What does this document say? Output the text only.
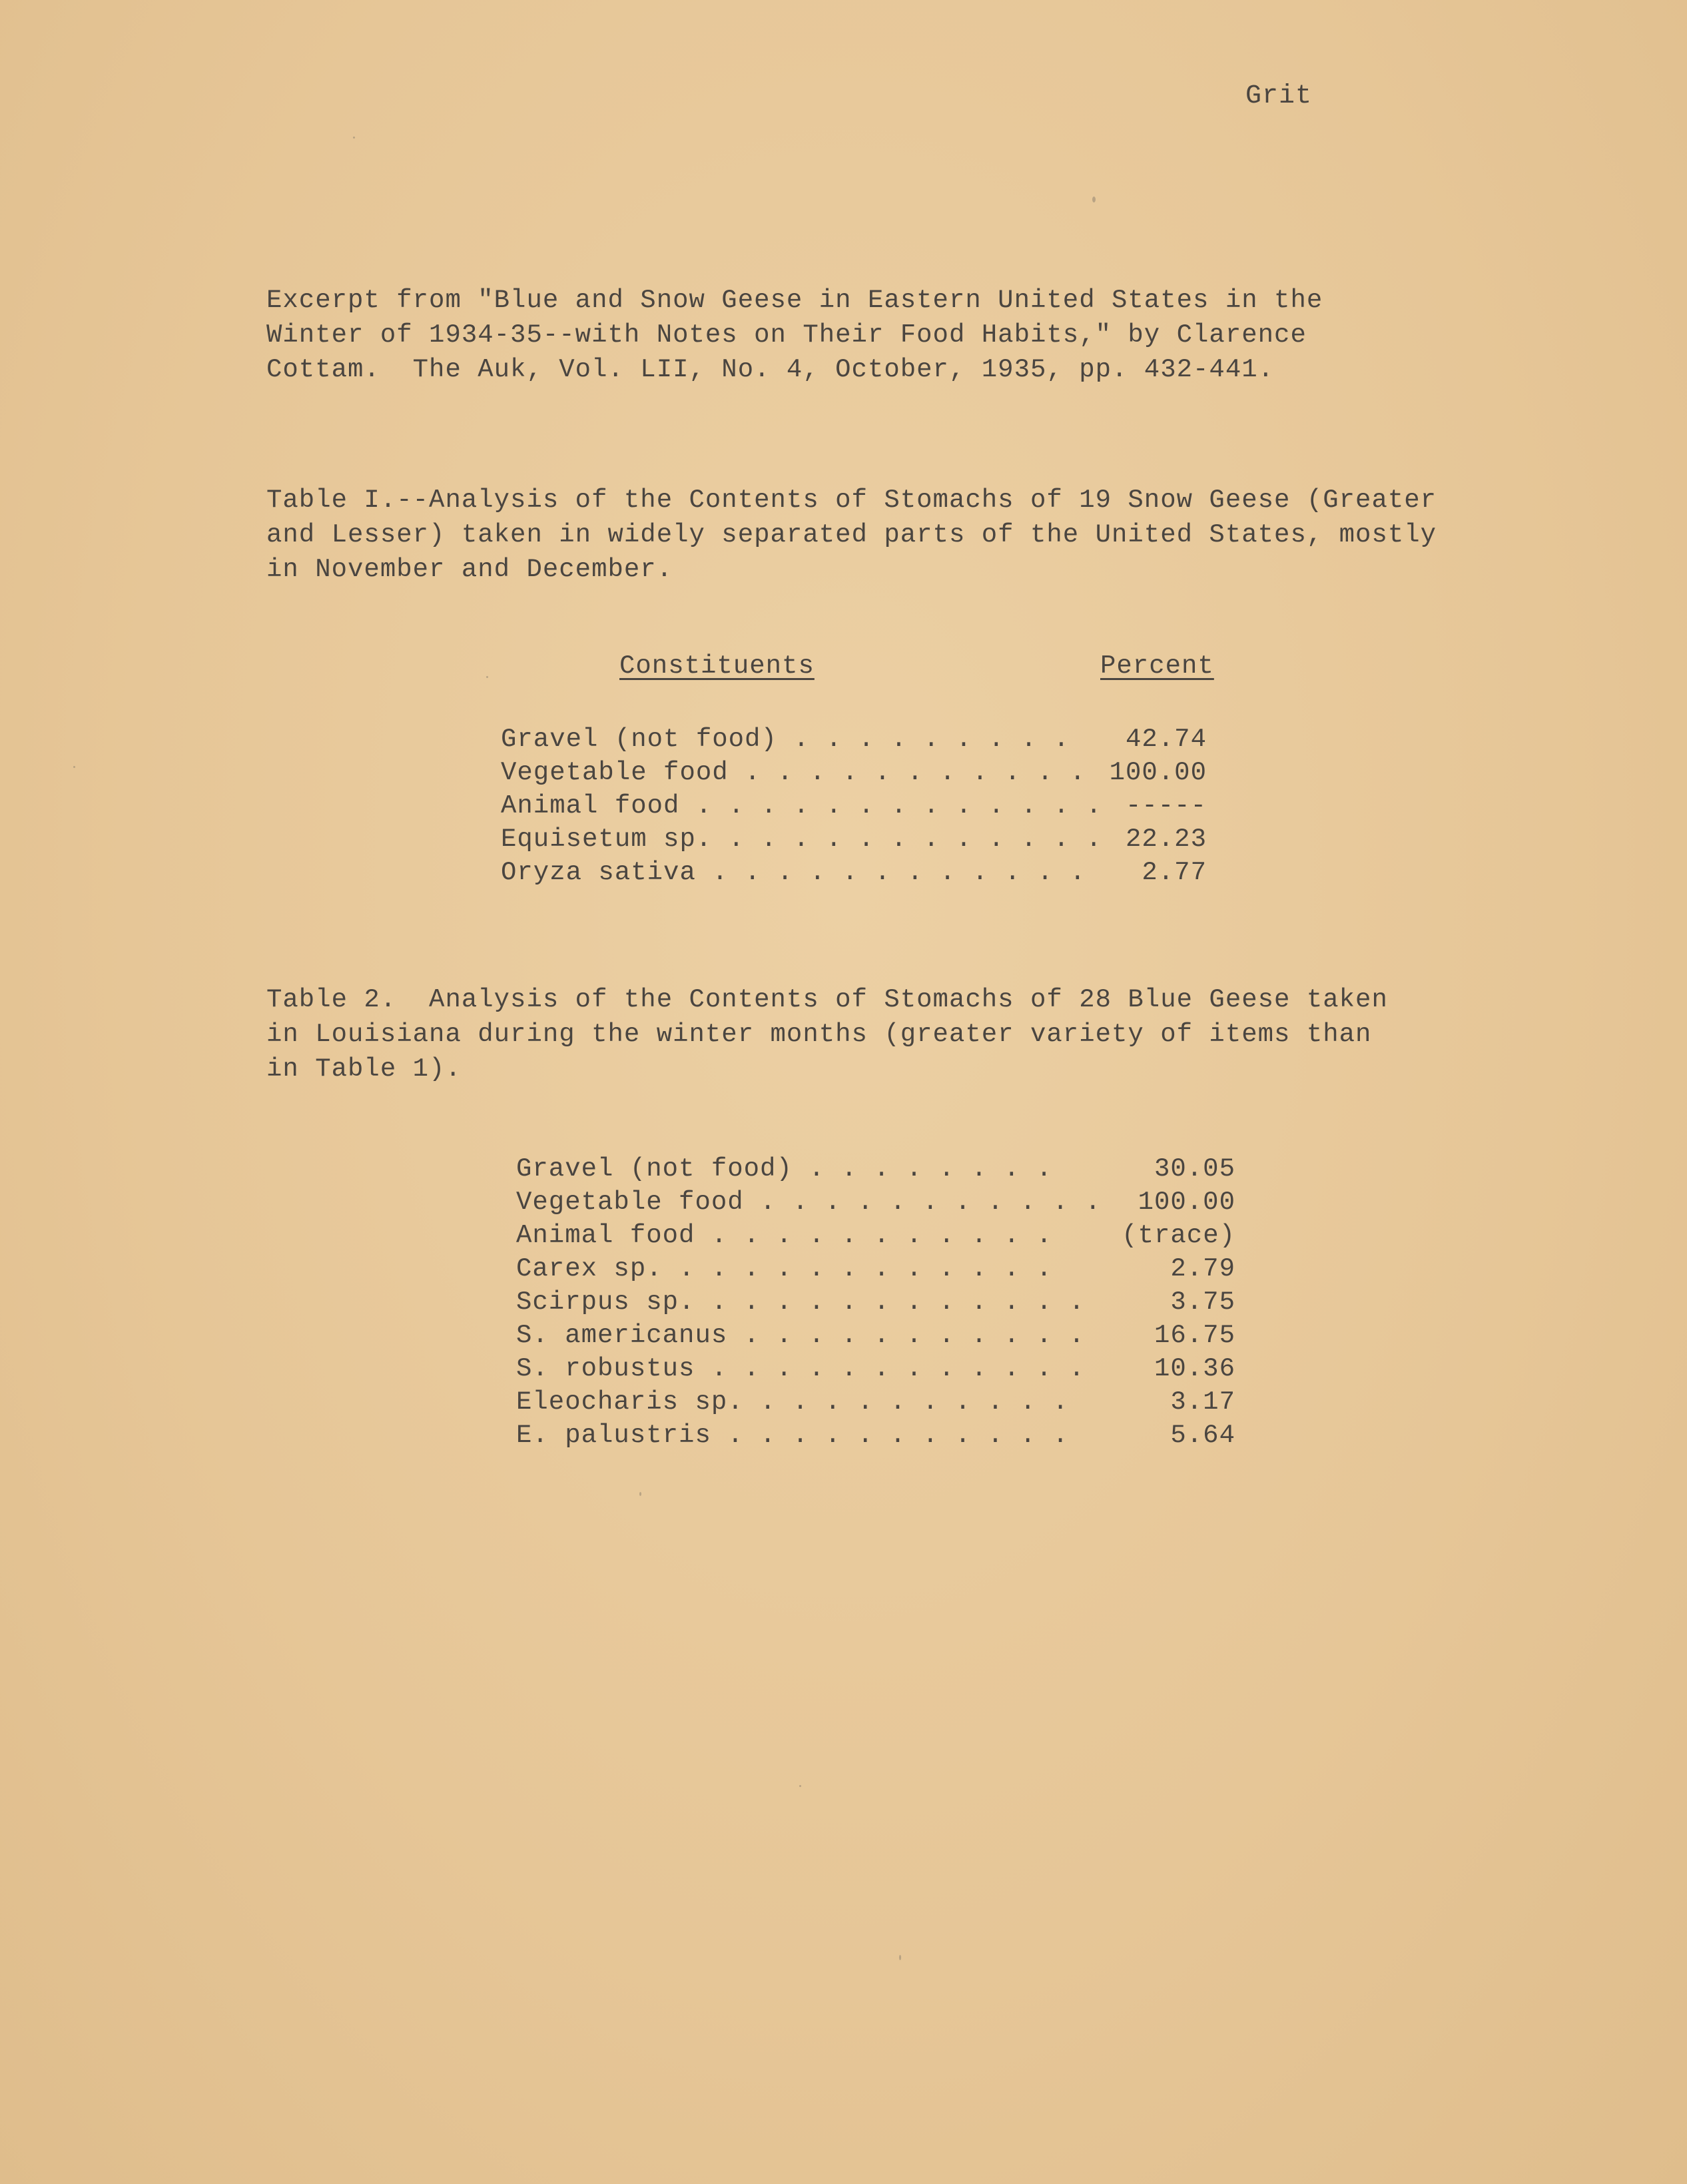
Grit
Excerpt from "Blue and Snow Geese in Eastern United States in the
Winter of 1934-35--with Notes on Their Food Habits," by Clarence
Cottam.  The Auk, Vol. LII, No. 4, October, 1935, pp. 432-441.
Table I.--Analysis of the Contents of Stomachs of 19 Snow Geese (Greater
and Lesser) taken in widely separated parts of the United States, mostly
in November and December.
Constituents	Percent
Gravel (not food) . . . . . . . . . 42.74
Vegetable food . . . . . . . . . . . 100.00
Animal food . . . . . . . . . . . . . -----
Equisetum sp. . . . . . . . . . . . . 22.23
Oryza sativa . . . . . . . . . . . . 2.77
Table 2.  Analysis of the Contents of Stomachs of 28 Blue Geese taken
in Louisiana during the winter months (greater variety of items than
in Table 1).
Gravel (not food) . . . . . . . .	30.05
Vegetable food . . . . . . . . . . . 100.00
Animal food . . . . . . . . . . .	(trace)
Carex sp. . . . . . . . . . . . .	2.79
Scirpus sp. . . . . . . . . . . . .	3.75
S. americanus . . . . . . . . . . .	16.75
S. robustus . . . . . . . . . . . .	10.36
Eleocharis sp. . . . . . . . . . .	3.17
E. palustris . . . . . . . . . . .	5.64
